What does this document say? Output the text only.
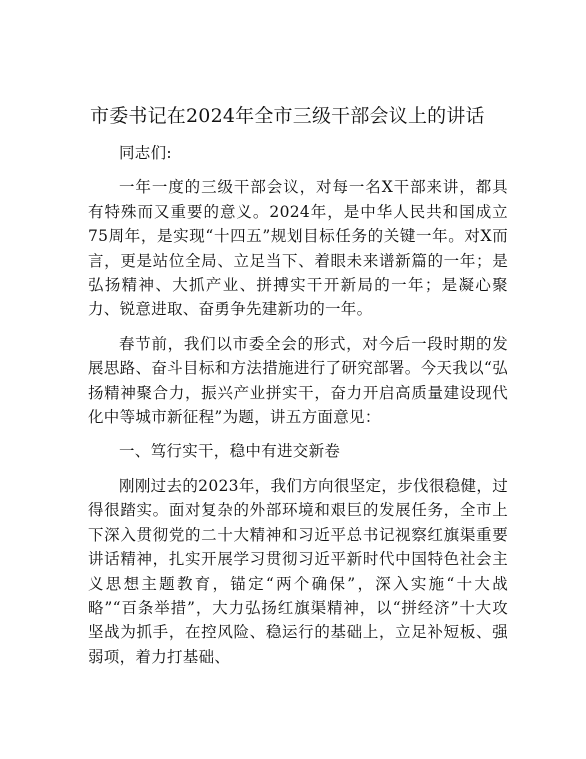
市委书记在2024年全市三级干部会议上的讲话

同志们:

一年一度的三级干部会议，对每一名X干部来讲，都具有特殊而又重要的意义。2024年，是中华人民共和国成立75周年，是实现“十四五”规划目标任务的关键一年。对X而言，更是站位全局、立足当下、着眼未来谱新篇的一年；是弘扬精神、大抓产业、拼搏实干开新局的一年；是凝心聚力、锐意进取、奋勇争先建新功的一年。

春节前，我们以市委全会的形式，对今后一段时期的发展思路、奋斗目标和方法措施进行了研究部署。今天我以“弘扬精神聚合力，振兴产业拼实干，奋力开启高质量建设现代化中等城市新征程”为题，讲五方面意见：

一、笃行实干，稳中有进交新卷

刚刚过去的2023年，我们方向很坚定，步伐很稳健，过得很踏实。面对复杂的外部环境和艰巨的发展任务，全市上下深入贯彻党的二十大精神和习近平总书记视察红旗渠重要讲话精神，扎实开展学习贯彻习近平新时代中国特色社会主义思想主题教育，锚定“两个确保”，深入实施“十大战略”“百条举措”，大力弘扬红旗渠精神，以“拼经济”十大攻坚战为抓手，在控风险、稳运行的基础上，立足补短板、强弱项，着力打基础、
